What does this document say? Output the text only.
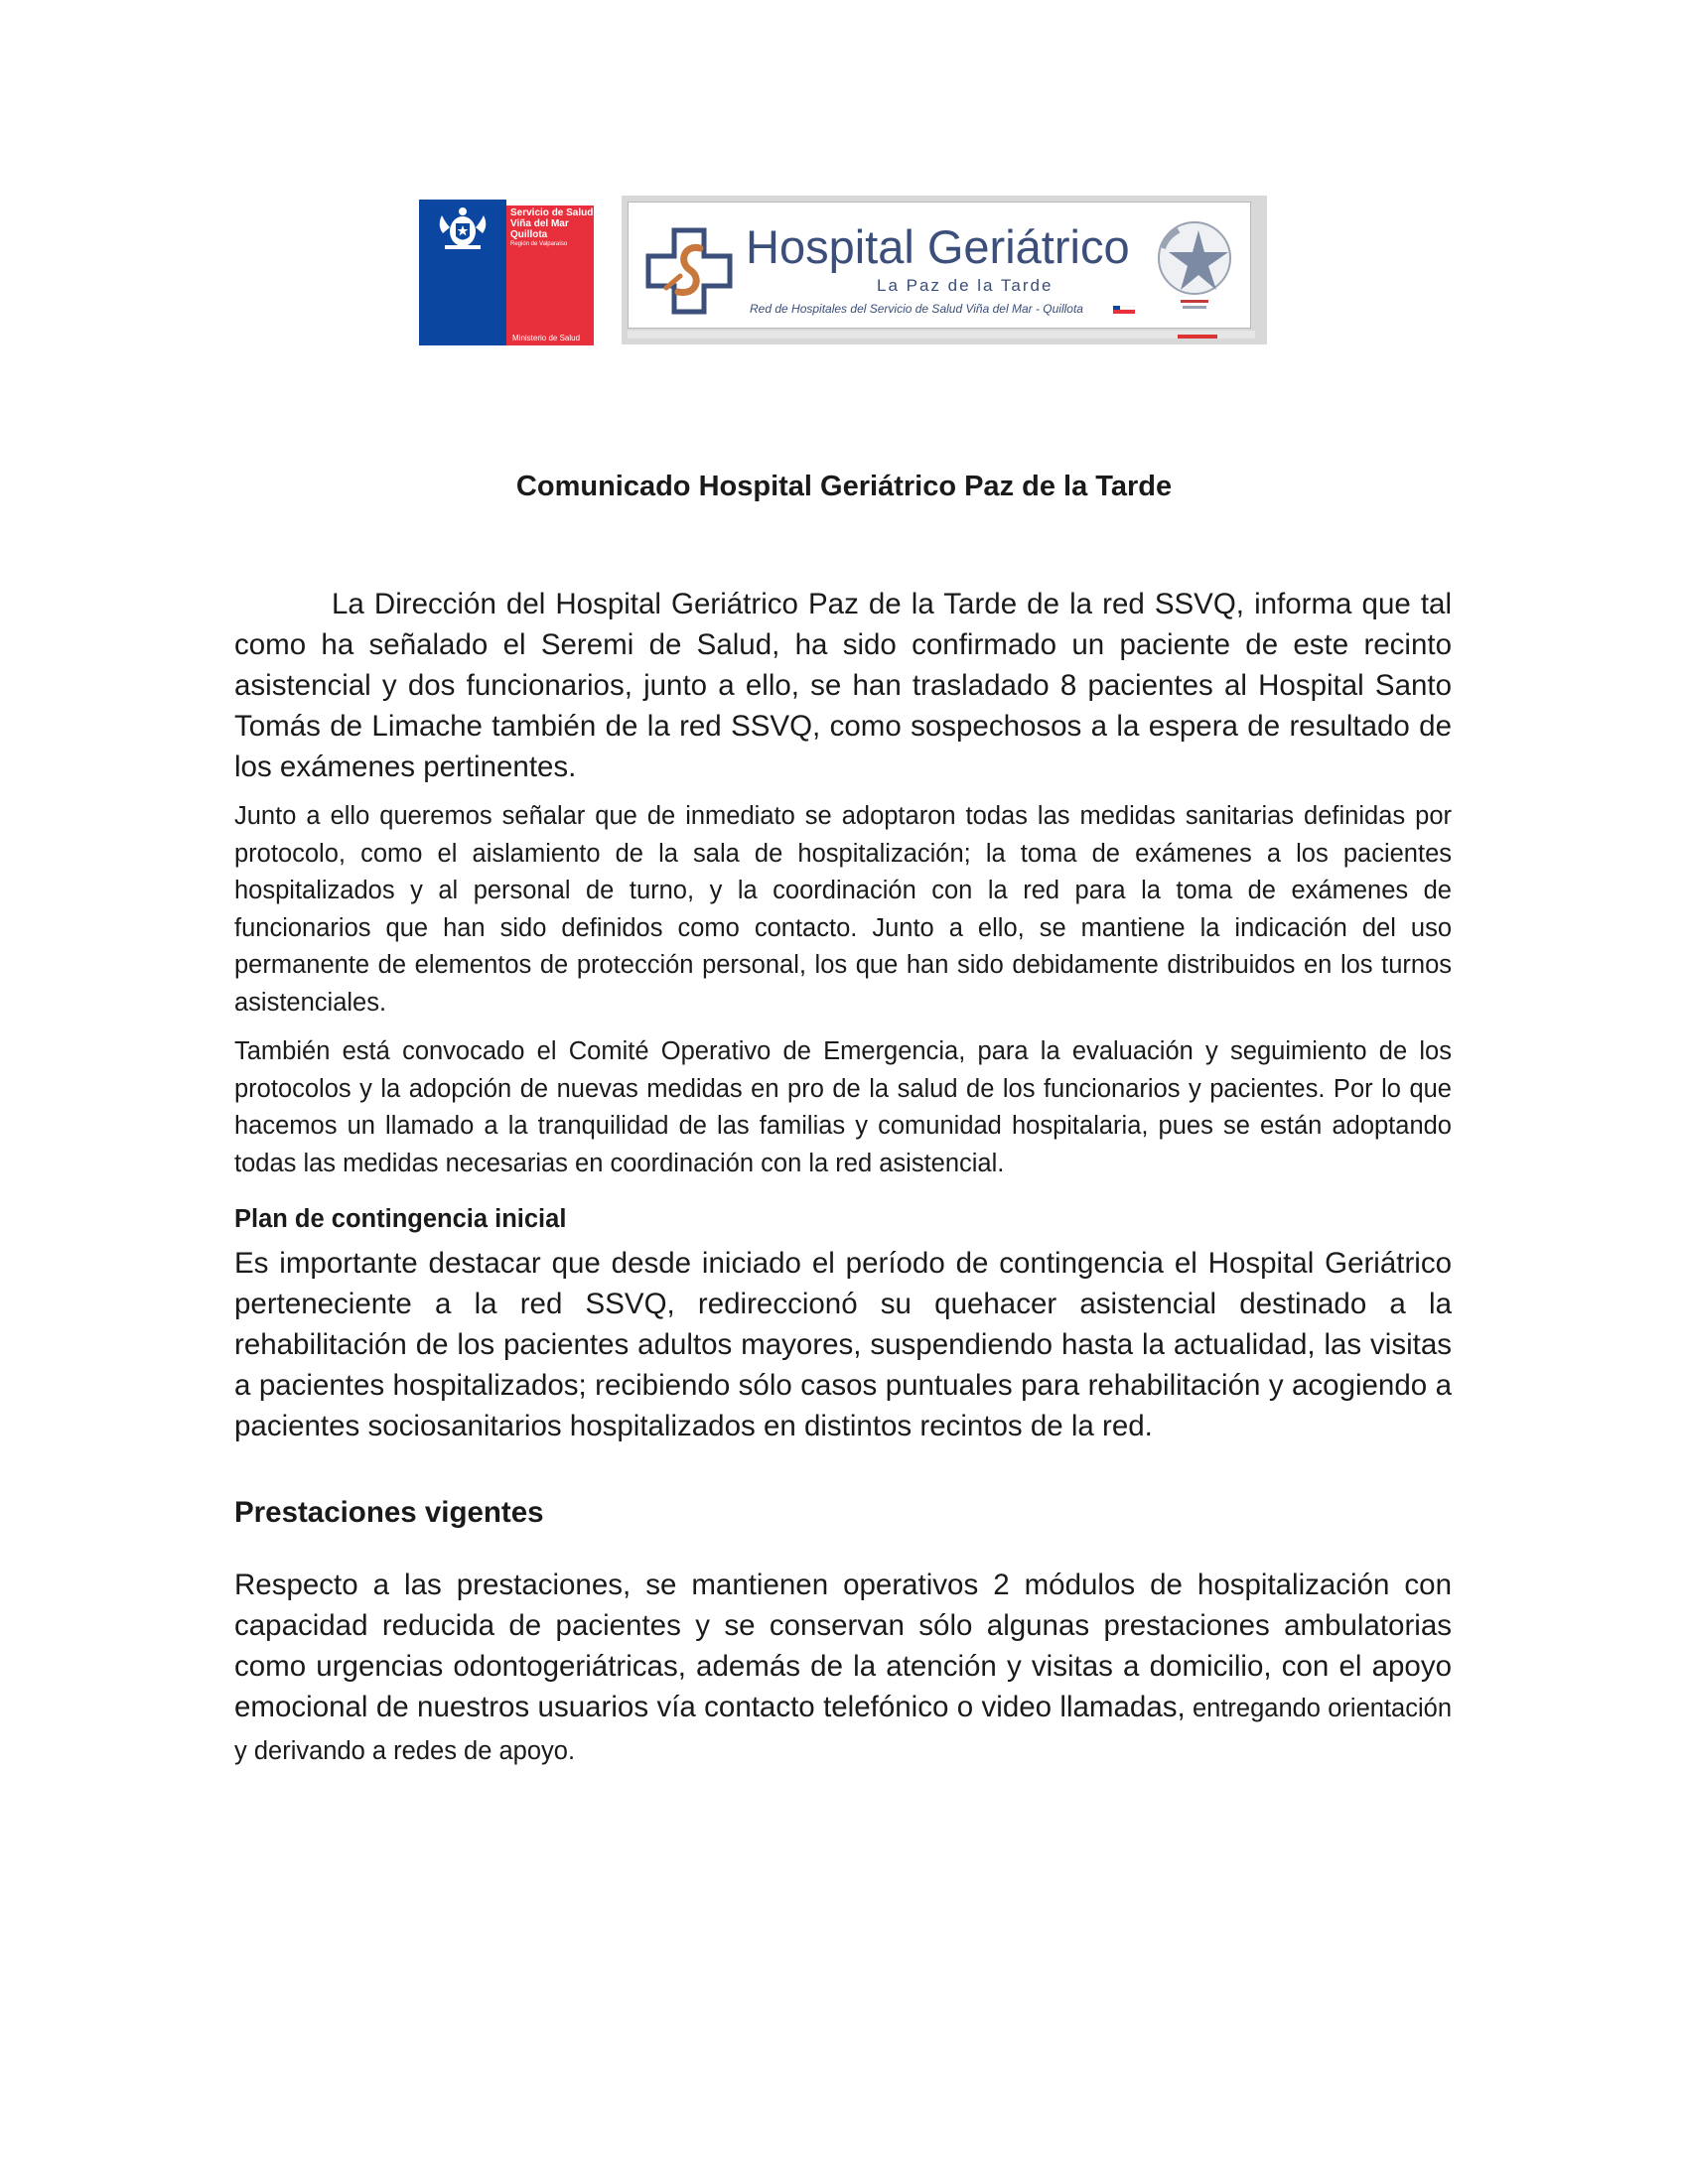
Servicio de Salud
Viña del Mar
Quillota
Región de Valparaíso
Ministerio de Salud
Hospital Geriátrico
La Paz de la Tarde
Red de Hospitales del Servicio de Salud Viña del Mar - Quillota
Comunicado Hospital Geriátrico Paz de la Tarde

La Dirección del Hospital Geriátrico Paz de la Tarde de la red SSVQ, informa que tal como ha señalado el Seremi de Salud, ha sido confirmado un paciente de este recinto asistencial y dos funcionarios, junto a ello, se han trasladado 8 pacientes al Hospital Santo Tomás de Limache también de la red SSVQ, como sospechosos a la espera de resultado de los exámenes pertinentes.

Junto a ello queremos señalar que de inmediato se adoptaron todas las medidas sanitarias definidas por protocolo, como el aislamiento de la sala de hospitalización; la toma de exámenes a los pacientes hospitalizados y al personal de turno, y la coordinación con la red para la toma de exámenes de funcionarios que han sido definidos como contacto. Junto a ello, se mantiene la indicación del uso permanente de elementos de protección personal, los que han sido debidamente distribuidos en los turnos asistenciales.

También está convocado el Comité Operativo de Emergencia, para la evaluación y seguimiento de los protocolos y la adopción de nuevas medidas en pro de la salud de los funcionarios y pacientes. Por lo que hacemos un llamado a la tranquilidad de las familias y comunidad hospitalaria, pues se están adoptando todas las medidas necesarias en coordinación con la red asistencial.

Plan de contingencia inicial

Es importante destacar que desde iniciado el período de contingencia el Hospital Geriátrico perteneciente a la red SSVQ, redireccionó su quehacer asistencial destinado a la rehabilitación de los pacientes adultos mayores, suspendiendo hasta la actualidad, las visitas a pacientes hospitalizados; recibiendo sólo casos puntuales para rehabilitación y acogiendo a pacientes sociosanitarios hospitalizados en distintos recintos de la red.

Prestaciones vigentes

Respecto a las prestaciones, se mantienen operativos 2 módulos de hospitalización con capacidad reducida de pacientes y se conservan sólo algunas prestaciones ambulatorias como urgencias odontogeriátricas, además de la atención y visitas a domicilio, con el apoyo emocional de nuestros usuarios vía contacto telefónico o video llamadas, entregando orientación y derivando a redes de apoyo.
